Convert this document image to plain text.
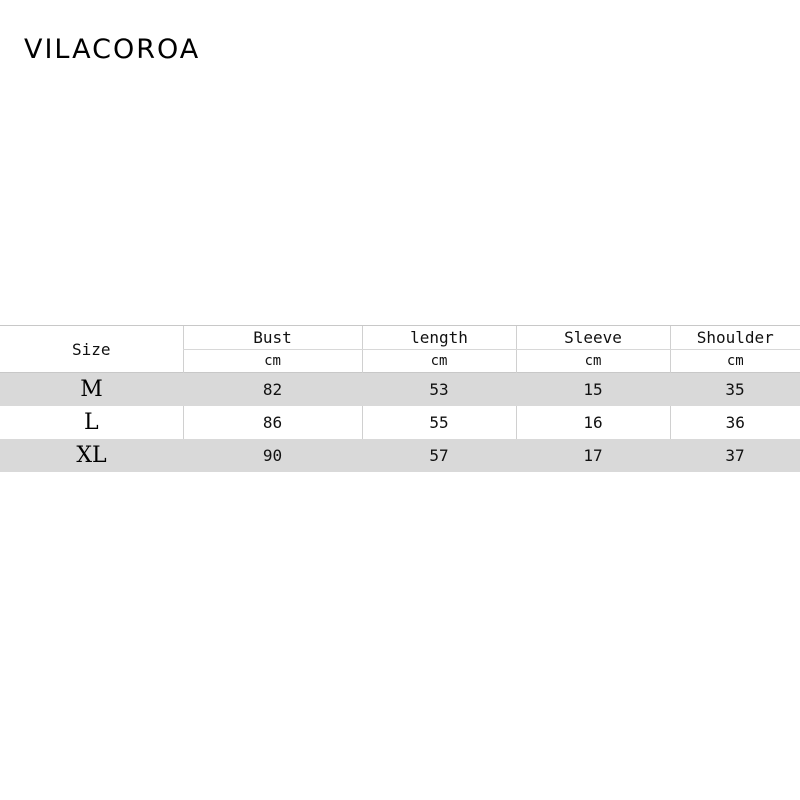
VILACOROA
Size	Bust	length	Sleeve	Shoulder
	cm	cm	cm	cm
M	82	53	15	35
L	86	55	16	36
XL	90	57	17	37
